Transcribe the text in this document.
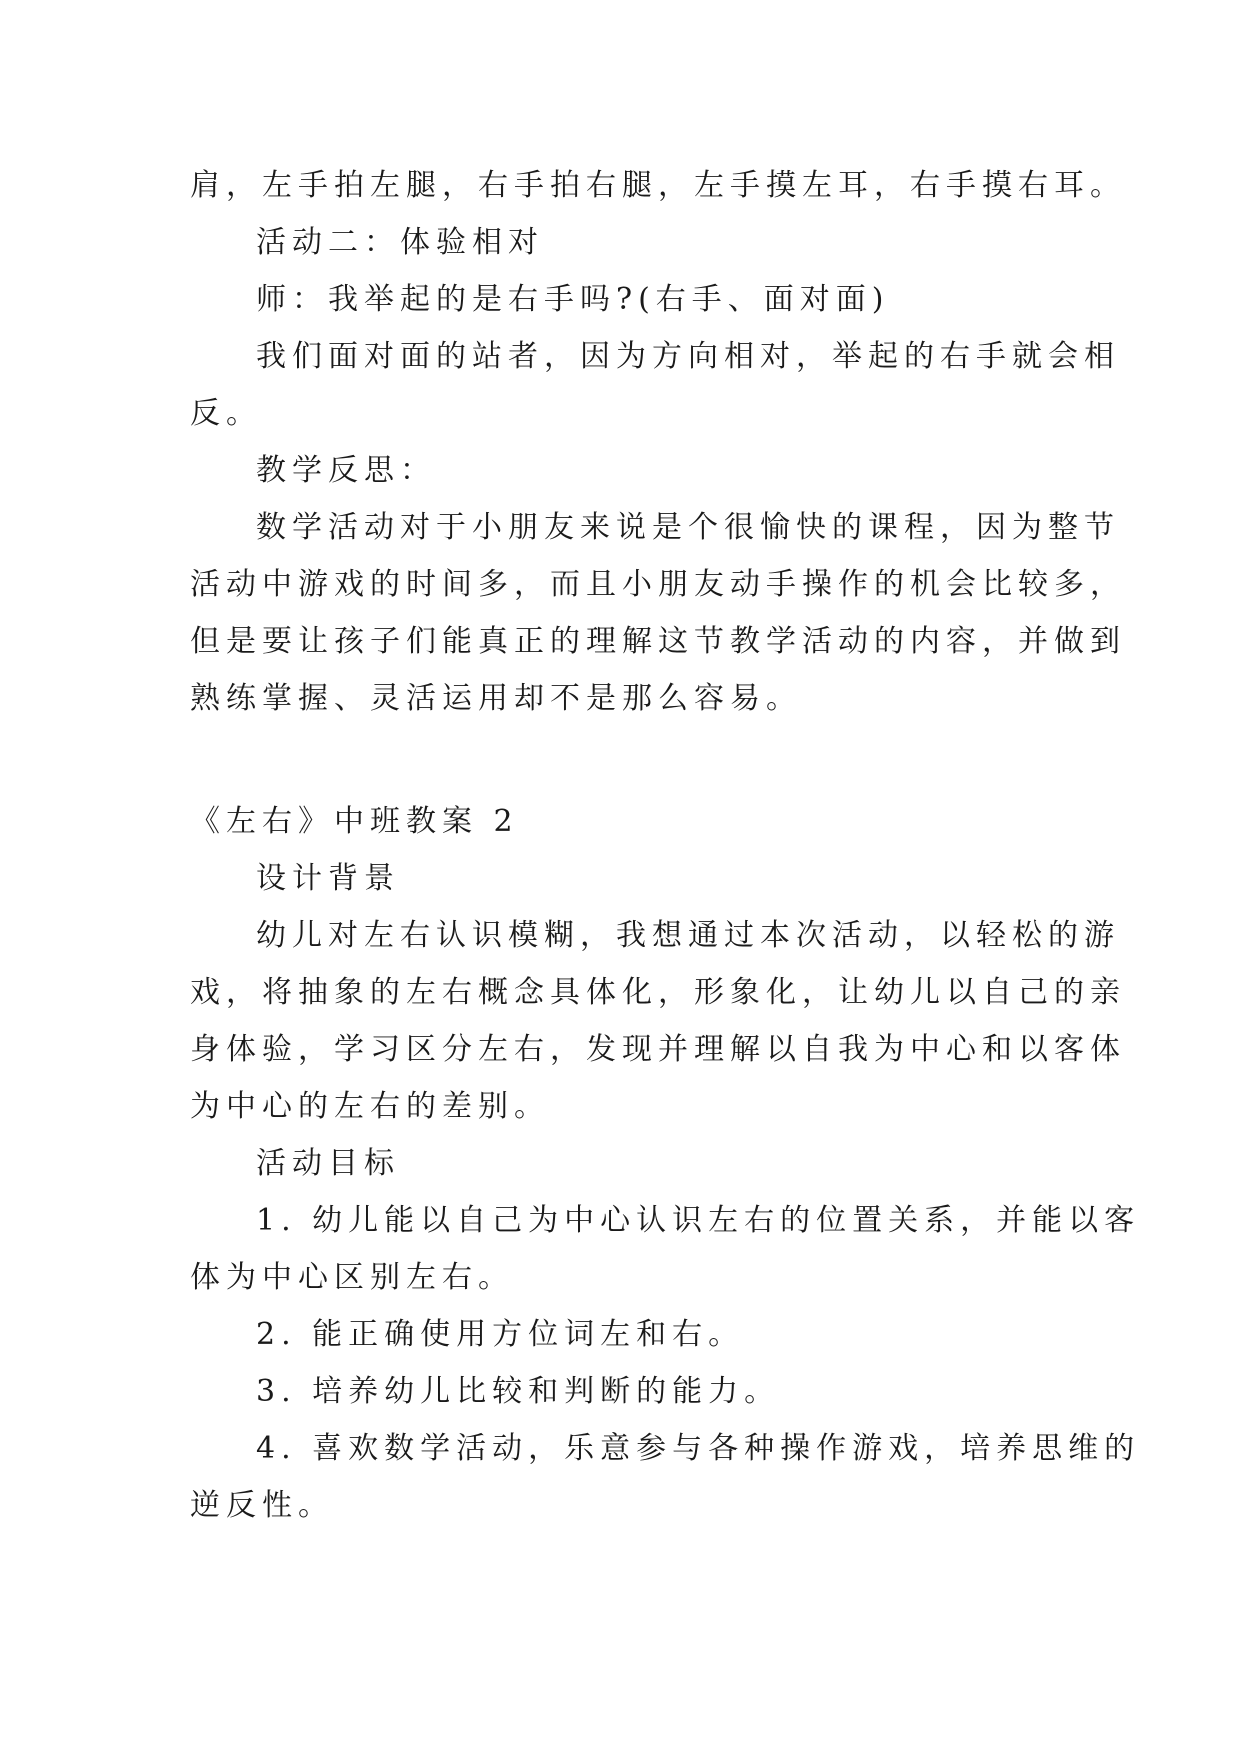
肩，左手拍左腿，右手拍右腿，左手摸左耳，右手摸右耳。
活动二：体验相对
师：我举起的是右手吗?(右手、面对面)
我们面对面的站者，因为方向相对，举起的右手就会相
反。
教学反思：
数学活动对于小朋友来说是个很愉快的课程，因为整节
活动中游戏的时间多，而且小朋友动手操作的机会比较多，
但是要让孩子们能真正的理解这节教学活动的内容，并做到
熟练掌握、灵活运用却不是那么容易。
《左右》中班教案 2
设计背景
幼儿对左右认识模糊，我想通过本次活动，以轻松的游
戏，将抽象的左右概念具体化，形象化，让幼儿以自己的亲
身体验，学习区分左右，发现并理解以自我为中心和以客体
为中心的左右的差别。
活动目标
1. 幼儿能以自己为中心认识左右的位置关系，并能以客
体为中心区别左右。
2. 能正确使用方位词左和右。
3. 培养幼儿比较和判断的能力。
4. 喜欢数学活动，乐意参与各种操作游戏，培养思维的
逆反性。
